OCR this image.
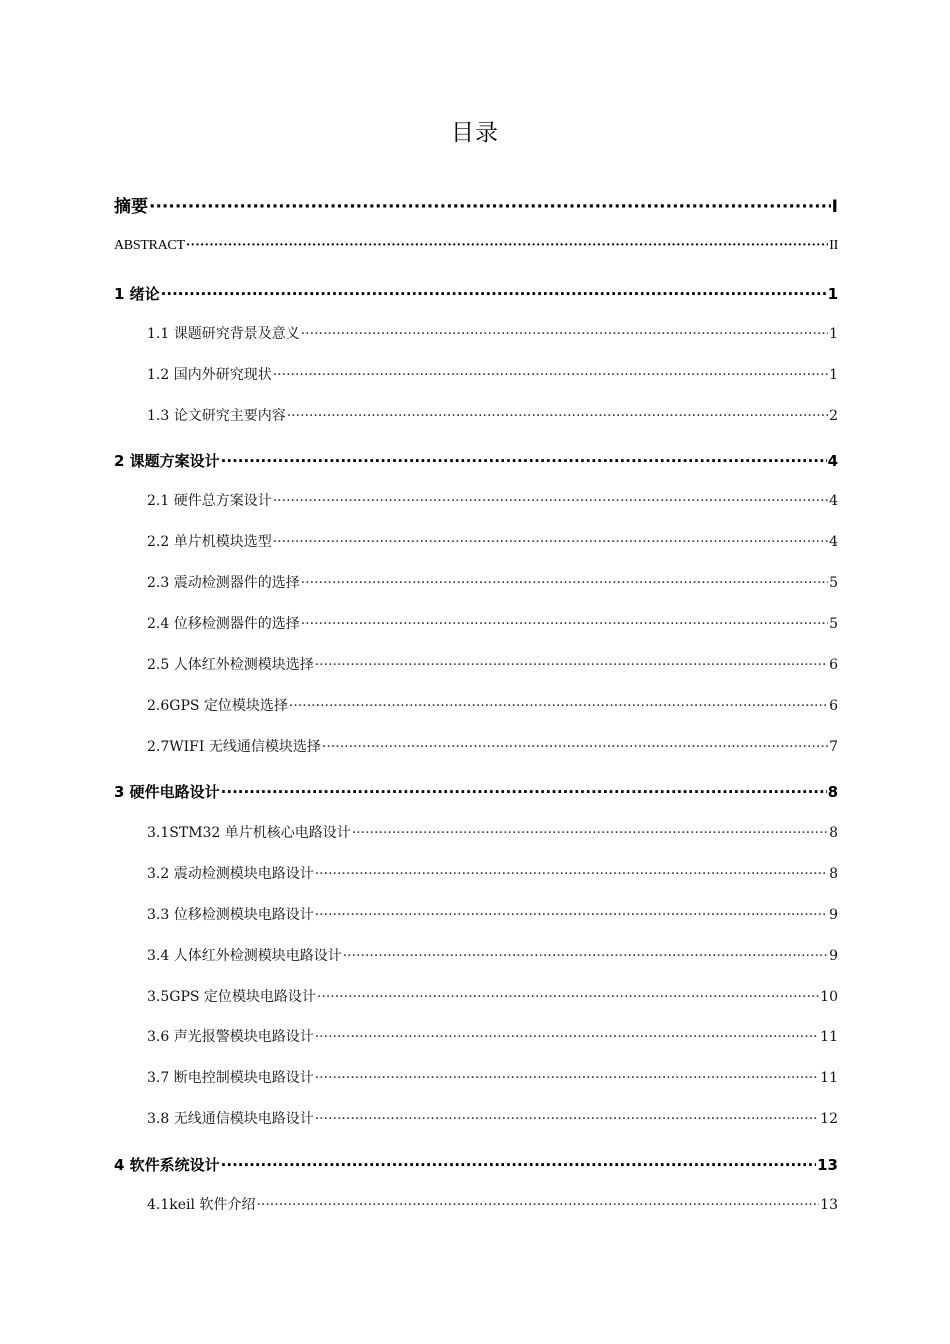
目录
摘要 ·····	I
ABSTRACT ·····	II
1 绪论 ·····	1
1.1 课题研究背景及意义 ·····	1
1.2 国内外研究现状 ·····	1
1.3 论文研究主要内容 ·····	2
2 课题方案设计 ·····	4
2.1 硬件总方案设计 ·····	4
2.2 单片机模块选型 ·····	4
2.3 震动检测器件的选择 ·····	5
2.4 位移检测器件的选择 ·····	5
2.5 人体红外检测模块选择 ·····	6
2.6GPS 定位模块选择 ·····	6
2.7WIFI 无线通信模块选择 ·····	7
3 硬件电路设计 ·····	8
3.1STM32 单片机核心电路设计 ·····	8
3.2 震动检测模块电路设计 ·····	8
3.3 位移检测模块电路设计 ·····	9
3.4 人体红外检测模块电路设计 ·····	9
3.5GPS 定位模块电路设计 ·····	10
3.6 声光报警模块电路设计 ·····	11
3.7 断电控制模块电路设计 ·····	11
3.8 无线通信模块电路设计 ·····	12
4 软件系统设计 ·····	13
4.1keil 软件介绍 ·····	13
